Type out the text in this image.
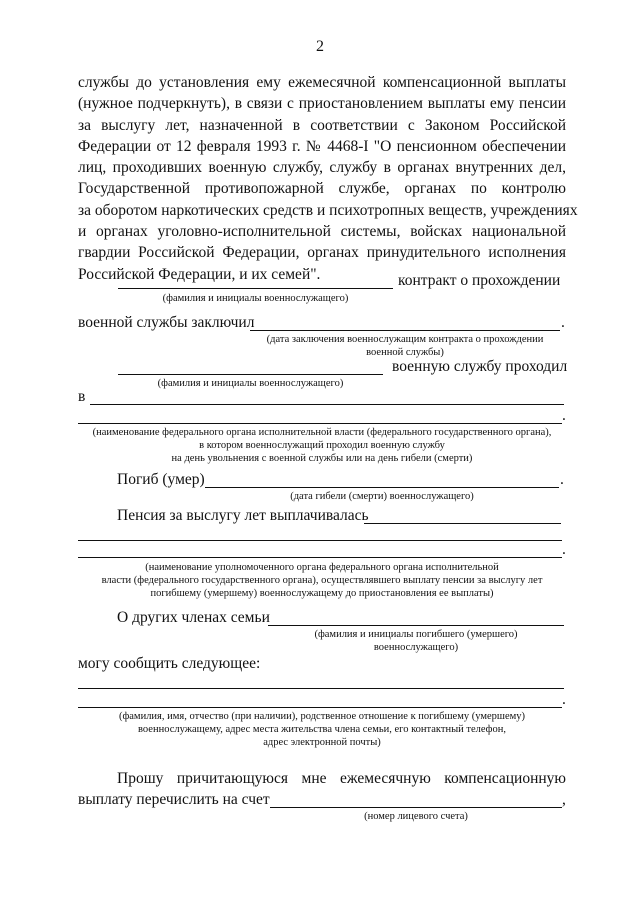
2
службы до установления ему ежемесячной компенсационной выплаты
(нужное подчеркнуть), в связи с приостановлением выплаты ему пенсии
за выслугу лет, назначенной в соответствии с Законом Российской
Федерации от 12 февраля 1993 г. № 4468-I "О пенсионном обеспечении
лиц, проходивших военную службу, службу в органах внутренних дел,
Государственной противопожарной службе, органах по контролю
за оборотом наркотических средств и психотропных веществ, учреждениях
и органах уголовно-исполнительной системы, войсках национальной
гвардии Российской Федерации, органах принудительного исполнения
Российской Федерации, и их семей".	контракт о прохождении
(фамилия и инициалы военнослужащего)
военной службы заключил	.
(дата заключения военнослужащим контракта о прохождении
военной службы)
военную службу проходил
(фамилия и инициалы военнослужащего)
в
.
(наименование федерального органа исполнительной власти (федерального государственного органа),
в котором военнослужащий проходил военную службу
на день увольнения с военной службы или на день гибели (смерти)
Погиб (умер)	.
(дата гибели (смерти) военнослужащего)
Пенсия за выслугу лет выплачивалась
.
(наименование уполномоченного органа федерального органа исполнительной
власти (федерального государственного органа), осуществлявшего выплату пенсии за выслугу лет
погибшему (умершему) военнослужащему до приостановления ее выплаты)
О других членах семьи
(фамилия и инициалы погибшего (умершего)
военнослужащего)
могу сообщить следующее:
.
(фамилия, имя, отчество (при наличии), родственное отношение к погибшему (умершему)
военнослужащему, адрес места жительства члена семьи, его контактный телефон,
адрес электронной почты)
Прошу причитающуюся мне ежемесячную компенсационную
выплату перечислить на счет	,
(номер лицевого счета)
